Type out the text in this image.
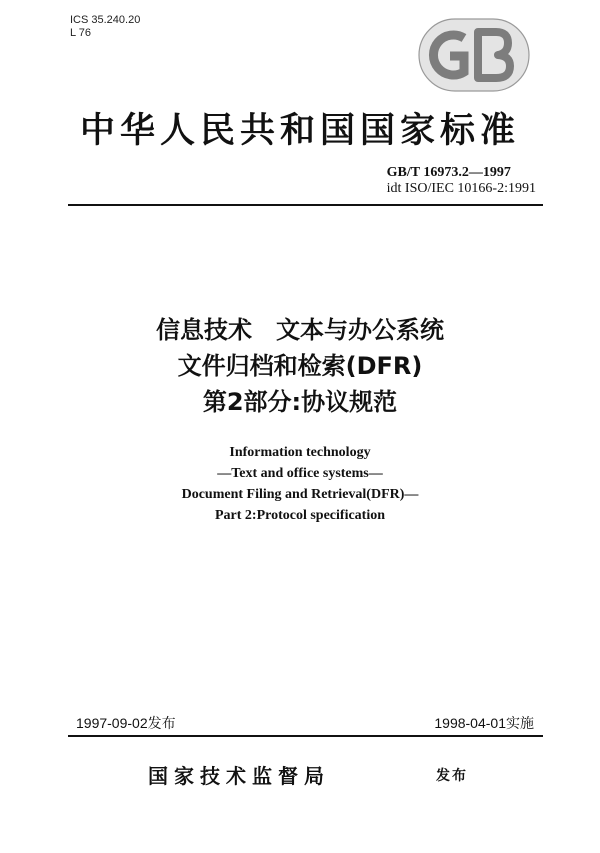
ICS 35.240.20
L 76
中华人民共和国国家标准
GB/T 16973.2—1997
idt ISO/IEC 10166-2:1991
信息技术　文本与办公系统
文件归档和检索(DFR)
第2部分:协议规范
Information technology
—Text and office systems—
Document Filing and Retrieval(DFR)—
Part 2:Protocol specification
1997-09-02发布	1998-04-01实施
国家技术监督局	发布
